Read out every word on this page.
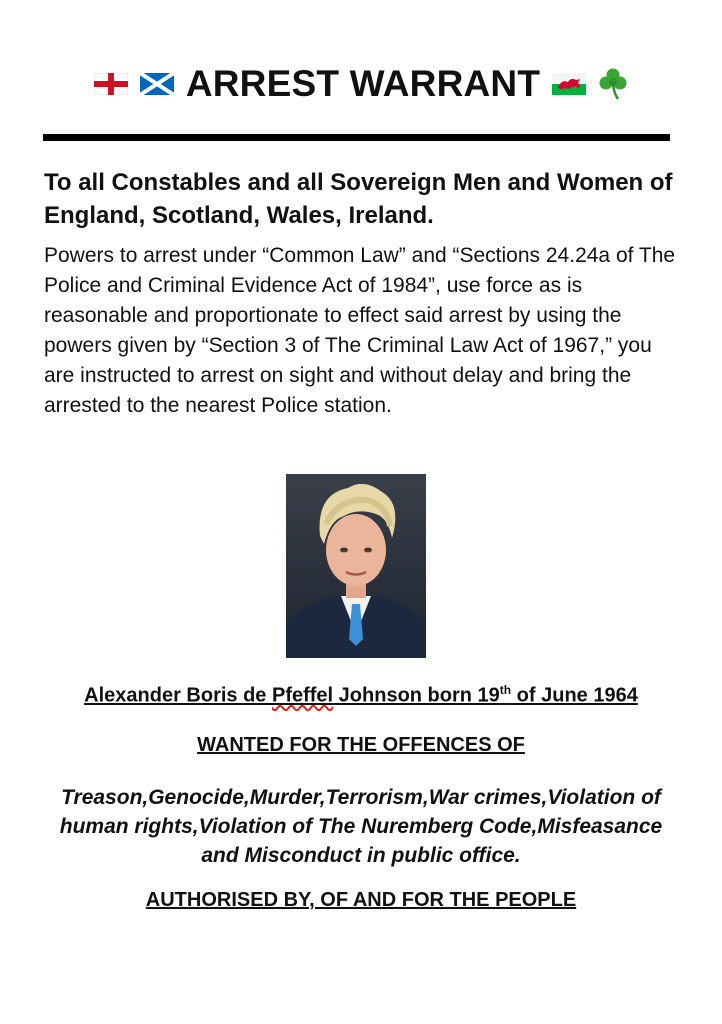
ARREST WARRANT
To all Constables and all Sovereign Men and Women of England, Scotland, Wales, Ireland.
Powers to arrest under “Common Law” and “Sections 24.24a of The Police and Criminal Evidence Act of 1984”, use force as is reasonable and proportionate to effect said arrest by using the powers given by “Section 3 of The Criminal Law Act of 1967,” you are instructed to arrest on sight and without delay and bring the arrested to the nearest Police station.
Alexander Boris de Pfeffel Johnson born 19th of June 1964
WANTED FOR THE OFFENCES OF
Treason,Genocide,Murder,Terrorism,War crimes,Violation of human rights,Violation of The Nuremberg Code,Misfeasance and Misconduct in public office.
AUTHORISED BY, OF AND FOR THE PEOPLE
